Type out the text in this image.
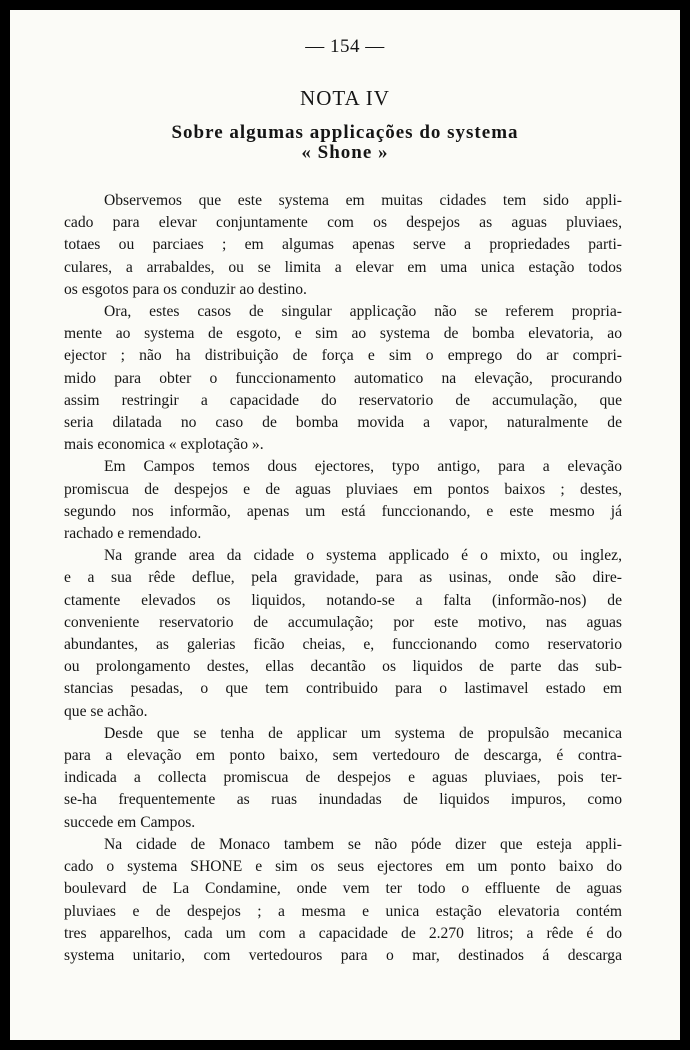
— 154 —
NOTA IV
Sobre algumas applicações do systema
« Shone »
Observemos que este systema em muitas cidades tem sido appli-
cado para elevar conjuntamente com os despejos as aguas pluviaes,
totaes ou parciaes ; em algumas apenas serve a propriedades parti-
culares, a arrabaldes, ou se limita a elevar em uma unica estação todos
os esgotos para os conduzir ao destino.
Ora, estes casos de singular applicação não se referem propria-
mente ao systema de esgoto, e sim ao systema de bomba elevatoria, ao
ejector ; não ha distribuição de força e sim o emprego do ar compri-
mido para obter o funccionamento automatico na elevação, procurando
assim restringir a capacidade do reservatorio de accumulação, que
seria dilatada no caso de bomba movida a vapor, naturalmente de
mais economica « explotação ».
Em Campos temos dous ejectores, typo antigo, para a elevação
promiscua de despejos e de aguas pluviaes em pontos baixos ; destes,
segundo nos informão, apenas um está funccionando, e este mesmo já
rachado e remendado.
Na grande area da cidade o systema applicado é o mixto, ou inglez,
e a sua rêde deflue, pela gravidade, para as usinas, onde são dire-
ctamente elevados os liquidos, notando-se a falta (informão-nos) de
conveniente reservatorio de accumulação; por este motivo, nas aguas
abundantes, as galerias ficão cheias, e, funccionando como reservatorio
ou prolongamento destes, ellas decantão os liquidos de parte das sub-
stancias pesadas, o que tem contribuido para o lastimavel estado em
que se achão.
Desde que se tenha de applicar um systema de propulsão mecanica
para a elevação em ponto baixo, sem vertedouro de descarga, é contra-
indicada a collecta promiscua de despejos e aguas pluviaes, pois ter-
se-ha frequentemente as ruas inundadas de liquidos impuros, como
succede em Campos.
Na cidade de Monaco tambem se não póde dizer que esteja appli-
cado o systema SHONE e sim os seus ejectores em um ponto baixo do
boulevard de La Condamine, onde vem ter todo o effluente de aguas
pluviaes e de despejos ; a mesma e unica estação elevatoria contém
tres apparelhos, cada um com a capacidade de 2.270 litros; a rêde é do
systema unitario, com vertedouros para o mar, destinados á descarga
